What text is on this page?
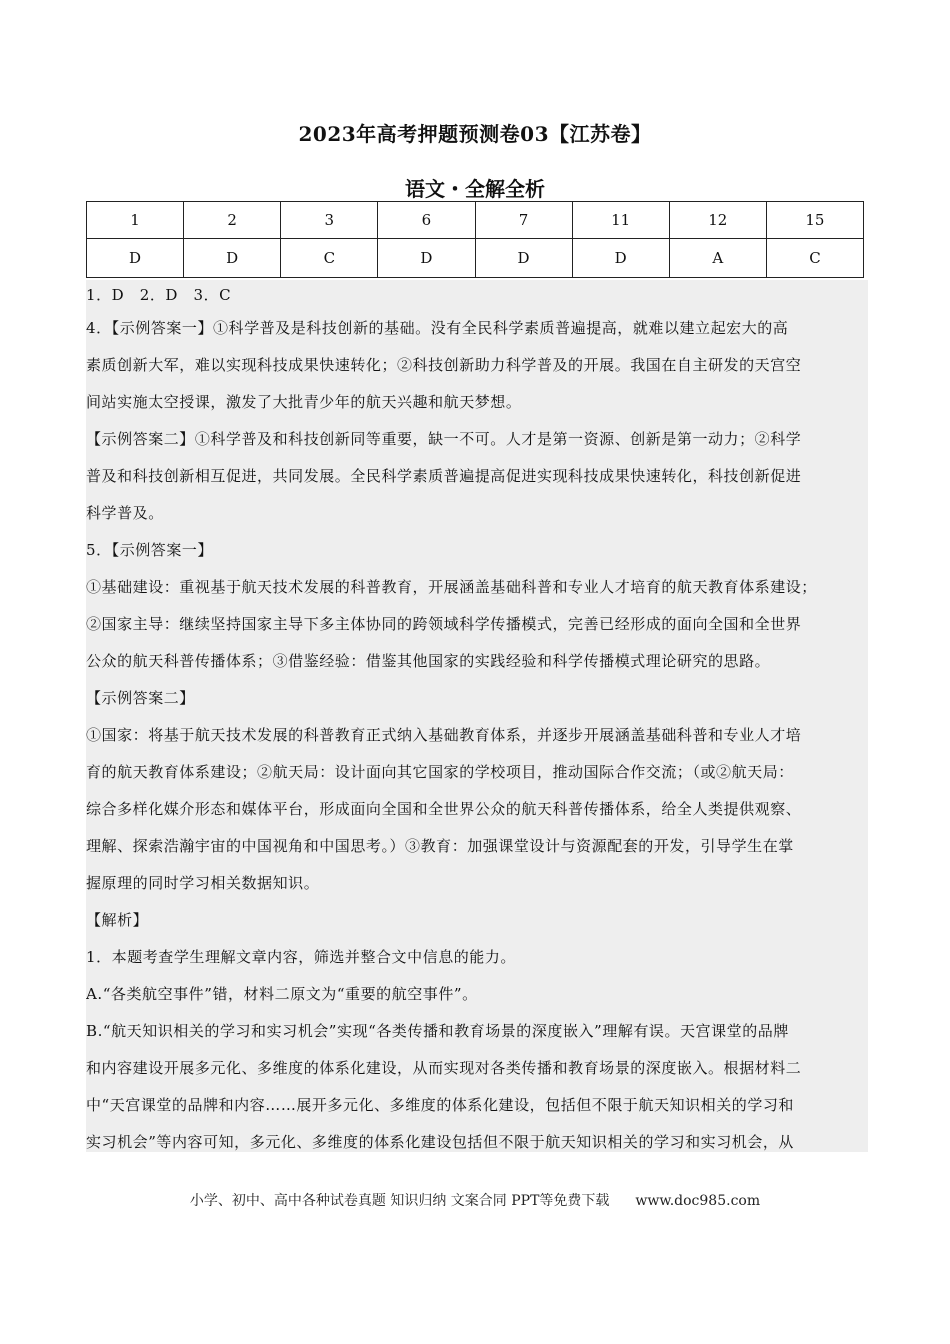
2023年高考押题预测卷03【江苏卷】
语文・全解全析
1	2	3	6	7	11	12	15
D	D	C	D	D	D	A	C
1．D　2．D　3．C
4．【示例答案一】①科学普及是科技创新的基础。没有全民科学素质普遍提高，就难以建立起宏大的高
素质创新大军，难以实现科技成果快速转化；②科技创新助力科学普及的开展。我国在自主研发的天宫空
间站实施太空授课，激发了大批青少年的航天兴趣和航天梦想。
【示例答案二】①科学普及和科技创新同等重要，缺一不可。人才是第一资源、创新是第一动力；②科学
普及和科技创新相互促进，共同发展。全民科学素质普遍提高促进实现科技成果快速转化，科技创新促进
科学普及。
5．【示例答案一】
①基础建设：重视基于航天技术发展的科普教育，开展涵盖基础科普和专业人才培育的航天教育体系建设；
②国家主导：继续坚持国家主导下多主体协同的跨领域科学传播模式，完善已经形成的面向全国和全世界
公众的航天科普传播体系；③借鉴经验：借鉴其他国家的实践经验和科学传播模式理论研究的思路。
【示例答案二】
①国家：将基于航天技术发展的科普教育正式纳入基础教育体系，并逐步开展涵盖基础科普和专业人才培
育的航天教育体系建设；②航天局：设计面向其它国家的学校项目，推动国际合作交流；（或②航天局：
综合多样化媒介形态和媒体平台，形成面向全国和全世界公众的航天科普传播体系，给全人类提供观察、
理解、探索浩瀚宇宙的中国视角和中国思考。）③教育：加强课堂设计与资源配套的开发，引导学生在掌
握原理的同时学习相关数据知识。
【解析】
1．本题考查学生理解文章内容，筛选并整合文中信息的能力。
A.“各类航空事件”错，材料二原文为“重要的航空事件”。
B.“航天知识相关的学习和实习机会”实现“各类传播和教育场景的深度嵌入”理解有误。天宫课堂的品牌
和内容建设开展多元化、多维度的体系化建设，从而实现对各类传播和教育场景的深度嵌入。根据材料二
中“天宫课堂的品牌和内容……展开多元化、多维度的体系化建设，包括但不限于航天知识相关的学习和
实习机会”等内容可知，多元化、多维度的体系化建设包括但不限于航天知识相关的学习和实习机会，从
小学、初中、高中各种试卷真题 知识归纳 文案合同 PPT等免费下载 www.doc985.com
